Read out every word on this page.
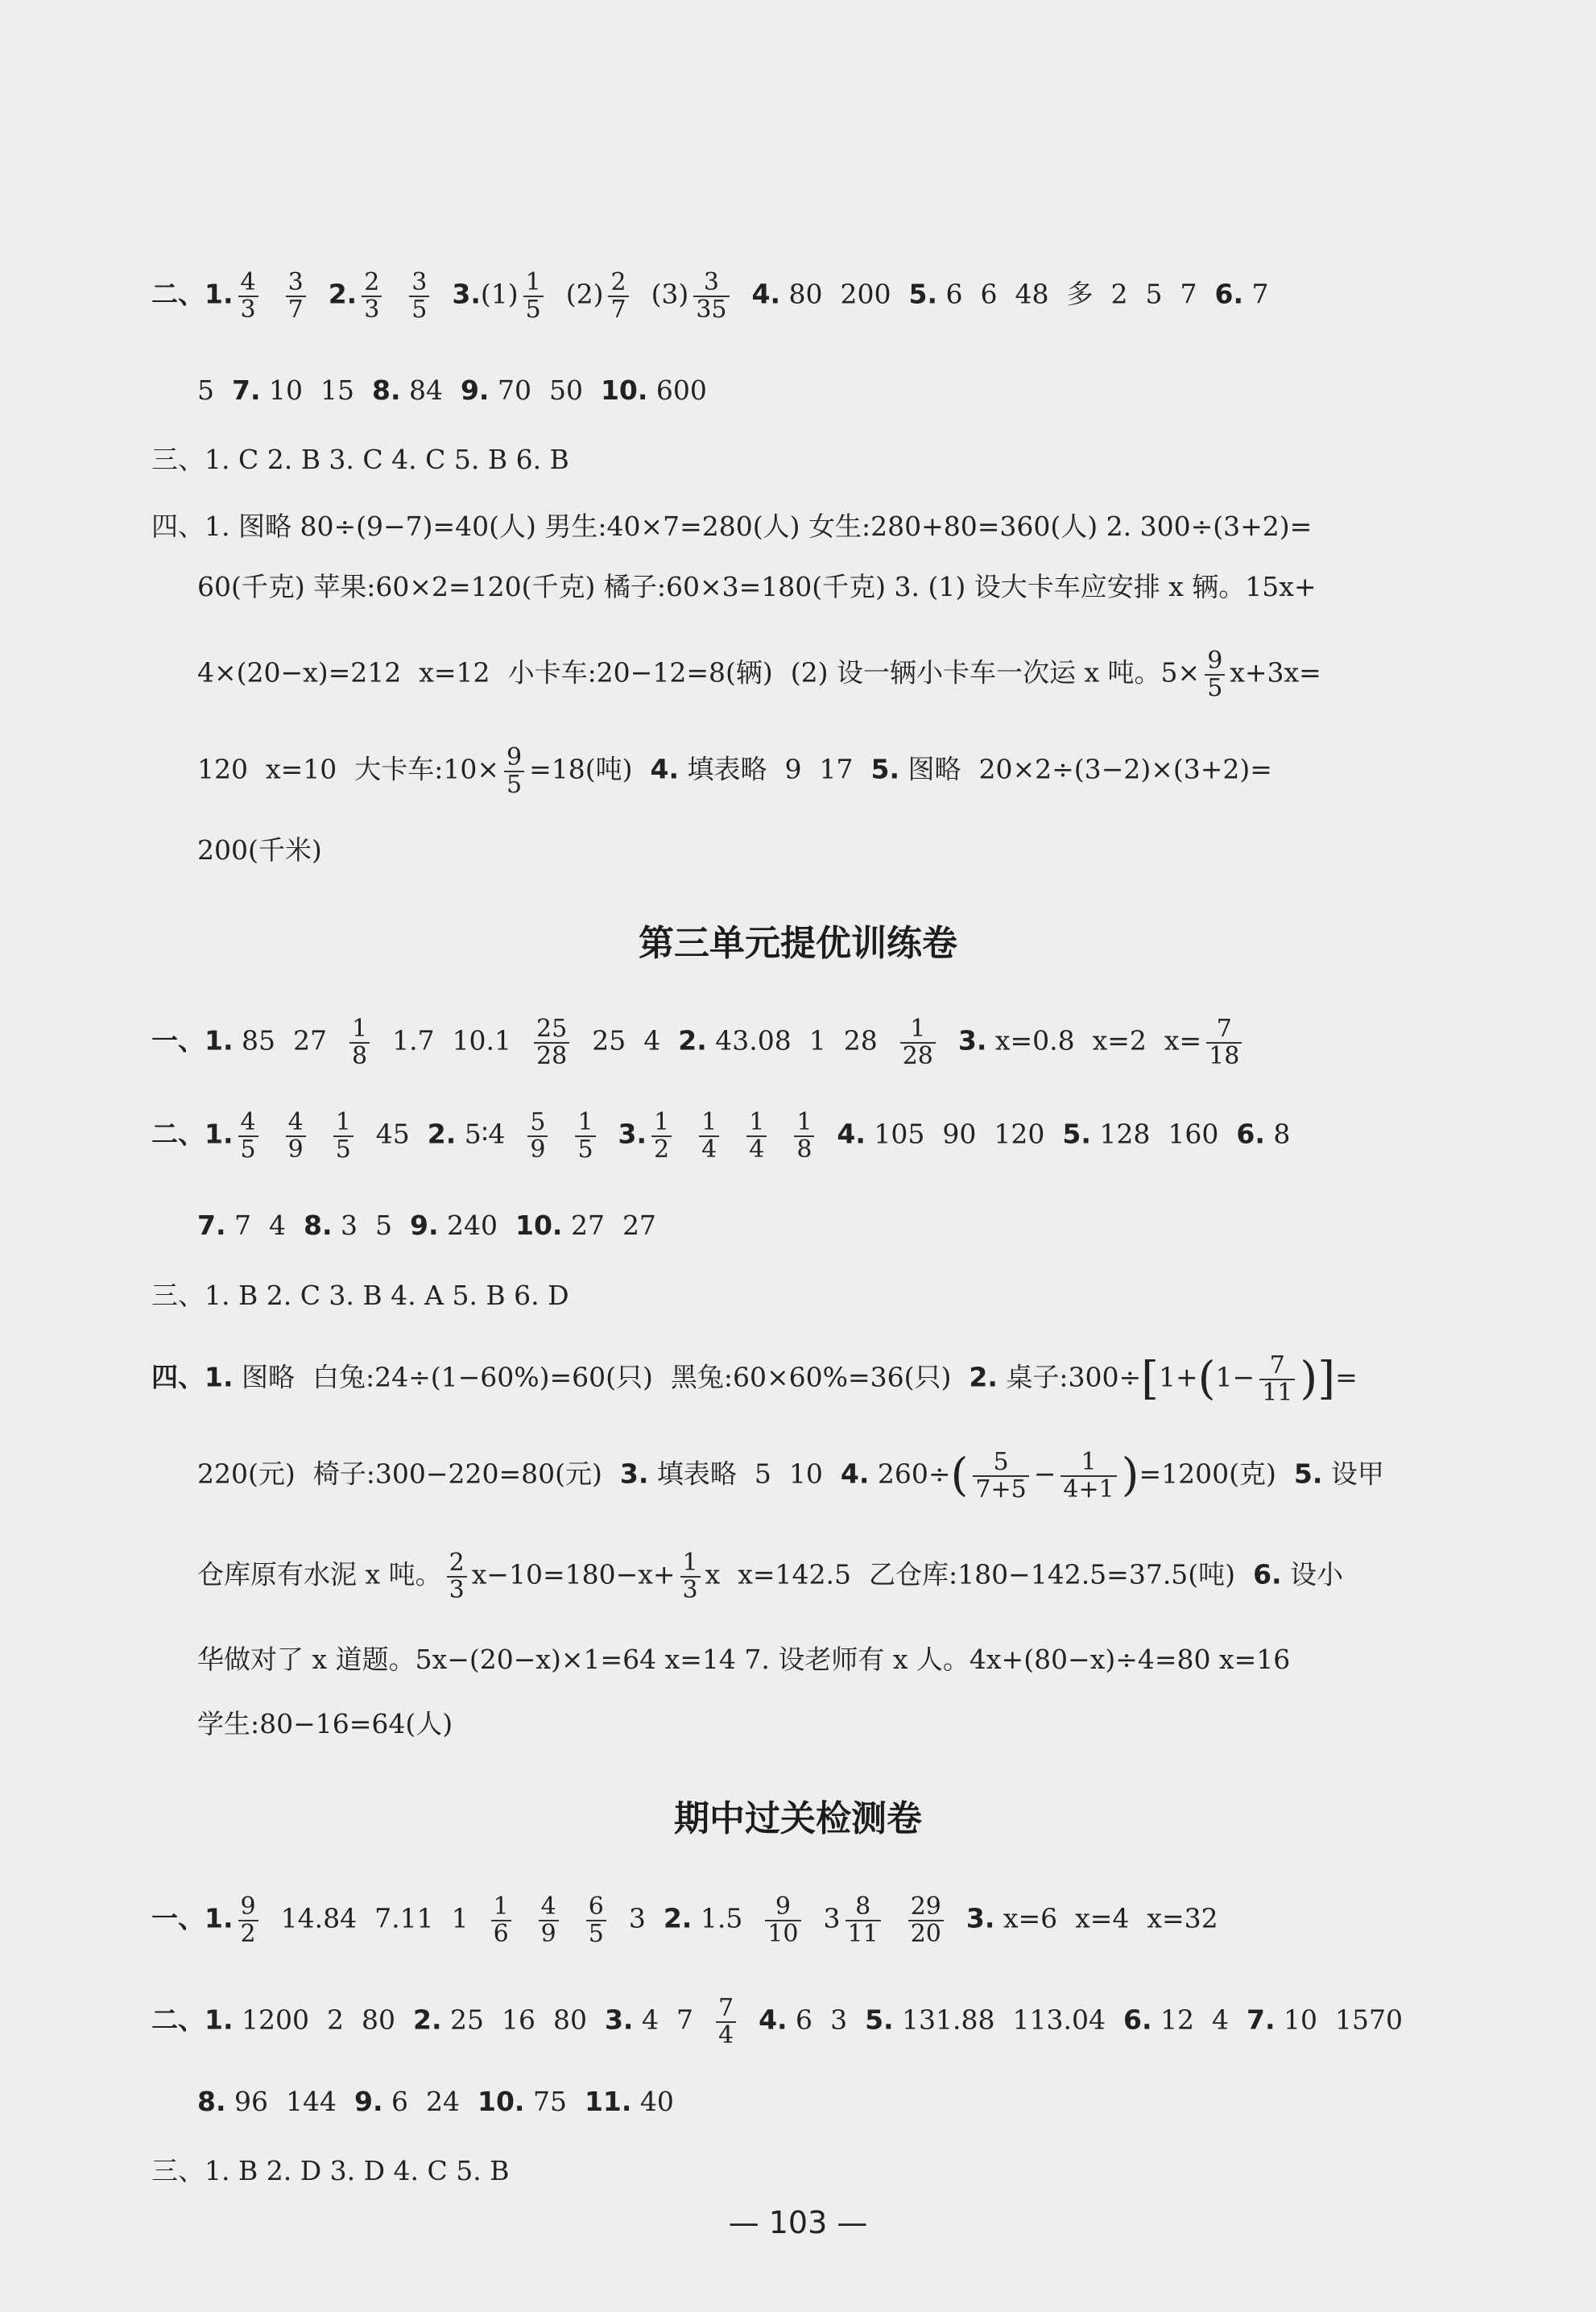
二、1. $\frac{4}{3} \frac{3}{7} 2$. $\frac{2}{3} \frac{3}{5} 3.(1) \frac{1}{5} (2) \frac{2}{7} (3) \frac{3}{35} 4$. 80 200 5. 6 6 48 多 2 5 7 6. 7
5 7. 10 15 8. 84 9. 70 50 10. 600
三、1. C 2. B 3. C 4. C 5. B 6. B
四、1. 图略 80÷(9−7)=40(人) 男生:40×7=280(人) 女生:280+80=360(人) 2. 300÷(3+2)=
60(千克) 苹果:60×2=120(千克) 橘子:60×3=180(千克) 3. (1) 设大卡车应安排 x 辆。15x+
4×(20−x)=212 x=12 小卡车:20−12=8(辆) (2) 设一辆小卡车一次运 x 吨。$5\times \frac{9}{5} x+3x=$
120 x=10 大卡车:10× $\frac{9}{5} =18$(吨) 4. 填表略 9 17 5. 图略 20×2÷(3−2)×(3+2)=
200(千米)
第三单元提优训练卷
一、1. 85 $27 \frac{1}{8} 1.7$ $10.1 \frac{25}{28} 25$ 4 2. 43.08 1 $28 \frac{1}{28} 3$. x=0.8 x=2 $x= \frac{7}{18}$
二、1. $\frac{4}{5} \frac{4}{9} \frac{1}{5} 45$ 2. 5∶4 $\frac{5}{9} \frac{1}{5} 3$. $\frac{1}{2} \frac{1}{4} \frac{1}{4} \frac{1}{8} 4$. 105 90 120 5. 128 160 6. 8
7. 7 4 8. 3 5 9. 240 10. 27 27
三、1. B 2. C 3. B 4. A 5. B 6. D
四、1. 图略 白兔:24÷(1−60%)=60(只) 黑兔:60×60%=36(只) 2. 桌子:300÷[1+(1− $\frac{7}{11}$ )]=
220(元) 椅子:300−220=80(元) 3. 填表略 5 10 4. $260\div( \frac{5}{7+5} - \frac{1}{4+1} )=1200$(克) 5. 设甲
仓库原有水泥 x 吨。 $\frac{2}{3} x-10=180-x+ \frac{1}{3}$ x x=142.5 乙仓库:180−142.5=37.5(吨) 6. 设小
华做对了 x 道题。5x−(20−x)×1=64 x=14 7. 设老师有 x 人。4x+(80−x)÷4=80 x=16
学生:80−16=64(人)
期中过关检测卷
一、1. $\frac{9}{2} 14.84$ 7.11 $1 \frac{1}{6} \frac{4}{9} \frac{6}{5} 3$ 2. $1.5 \frac{9}{10} 3 \frac{8}{11} \frac{29}{20} 3$. x=6 x=4 x=32
二、1. 1200 2 80 2. 25 16 80 3. 4 $7 \frac{7}{4} 4$. 6 3 5. 131.88 113.04 6. 12 4 7. 10 1570
8. 96 144 9. 6 24 10. 75 11. 40
三、1. B 2. D 3. D 4. C 5. B
— 103 —
